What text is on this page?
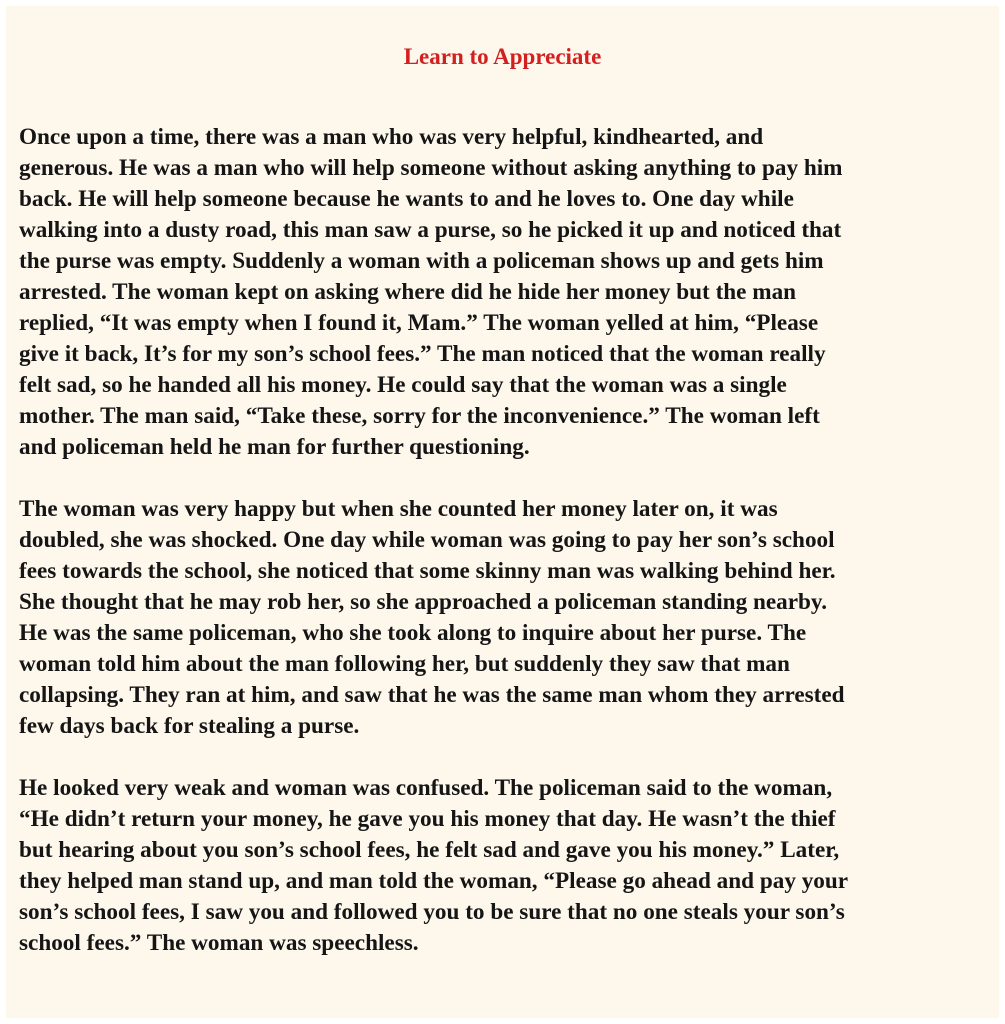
Learn to Appreciate

Once upon a time, there was a man who was very helpful, kindhearted, and
generous. He was a man who will help someone without asking anything to pay him
back. He will help someone because he wants to and he loves to. One day while
walking into a dusty road, this man saw a purse, so he picked it up and noticed that
the purse was empty. Suddenly a woman with a policeman shows up and gets him
arrested. The woman kept on asking where did he hide her money but the man
replied, “It was empty when I found it, Mam.” The woman yelled at him, “Please
give it back, It’s for my son’s school fees.” The man noticed that the woman really
felt sad, so he handed all his money. He could say that the woman was a single
mother. The man said, “Take these, sorry for the inconvenience.” The woman left
and policeman held he man for further questioning.

The woman was very happy but when she counted her money later on, it was
doubled, she was shocked. One day while woman was going to pay her son’s school
fees towards the school, she noticed that some skinny man was walking behind her.
She thought that he may rob her, so she approached a policeman standing nearby.
He was the same policeman, who she took along to inquire about her purse. The
woman told him about the man following her, but suddenly they saw that man
collapsing. They ran at him, and saw that he was the same man whom they arrested
few days back for stealing a purse.

He looked very weak and woman was confused. The policeman said to the woman,
“He didn’t return your money, he gave you his money that day. He wasn’t the thief
but hearing about you son’s school fees, he felt sad and gave you his money.” Later,
they helped man stand up, and man told the woman, “Please go ahead and pay your
son’s school fees, I saw you and followed you to be sure that no one steals your son’s
school fees.” The woman was speechless.
